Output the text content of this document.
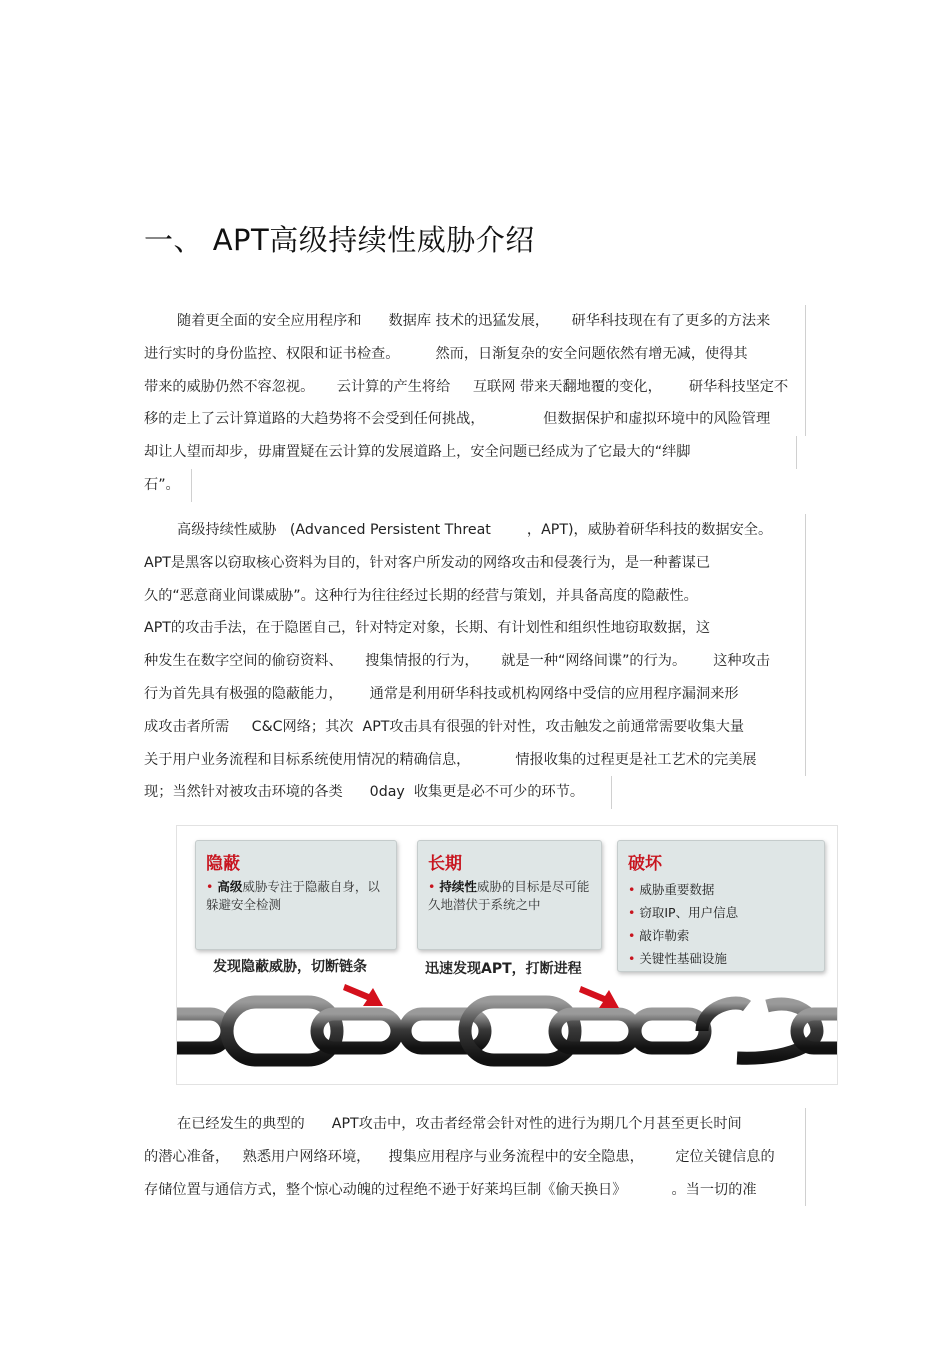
一、 APT高级持续性威胁介绍
随着更全面的安全应用程序和      数据库 技术的迅猛发展，     研华科技现在有了更多的方法来
进行实时的身份监控、权限和证书检查。        然而，日渐复杂的安全问题依然有增无减，使得其
带来的威胁仍然不容忽视。     云计算的产生将给     互联网 带来天翻地覆的变化，      研华科技坚定不
移的走上了云计算道路的大趋势将不会受到任何挑战，             但数据保护和虚拟环境中的风险管理
却让人望而却步，毋庸置疑在云计算的发展道路上，安全问题已经成为了它最大的“绊脚
石”。
高级持续性威胁   (Advanced Persistent Threat        ，APT)，威胁着研华科技的数据安全。
APT是黑客以窃取核心资料为目的，针对客户所发动的网络攻击和侵袭行为，是一种蓄谋已
久的“恶意商业间谍威胁”。这种行为往往经过长期的经营与策划，并具备高度的隐蔽性。
APT的攻击手法，在于隐匿自己，针对特定对象，长期、有计划性和组织性地窃取数据，这
种发生在数字空间的偷窃资料、     搜集情报的行为，     就是一种“网络间谍”的行为。      这种攻击
行为首先具有极强的隐蔽能力，      通常是利用研华科技或机构网络中受信的应用程序漏洞来形
成攻击者所需     C&C网络；其次  APT攻击具有很强的针对性，攻击触发之前通常需要收集大量
关于用户业务流程和目标系统使用情况的精确信息，          情报收集的过程更是社工艺术的完美展
现；当然针对被攻击环境的各类      0day  收集更是必不可少的环节。
隐蔽
• 高级威胁专注于隐蔽自身，以躲避安全检测
长期
• 持续性威胁的目标是尽可能久地潜伏于系统之中
破坏
• 威胁重要数据
• 窃取IP、用户信息
• 敲诈勒索
• 关键性基础设施
发现隐蔽威胁，切断链条	迅速发现APT，打断进程
在已经发生的典型的      APT攻击中，攻击者经常会针对性的进行为期几个月甚至更长时间
的潜心准备，   熟悉用户网络环境，    搜集应用程序与业务流程中的安全隐患，       定位关键信息的
存储位置与通信方式，整个惊心动魄的过程绝不逊于好莱坞巨制《偷天换日》          。当一切的准
